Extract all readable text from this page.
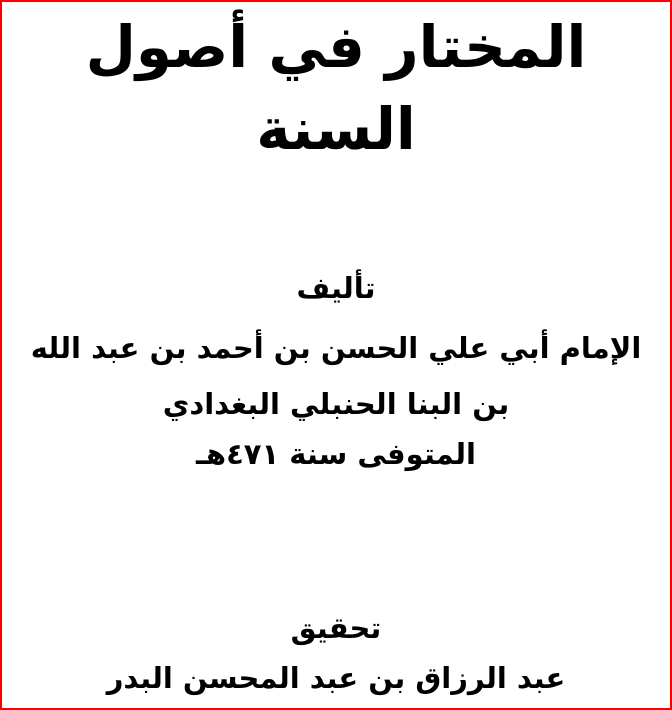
المختار في أصول
السنة
تأليف
الإمام أبي علي الحسن بن أحمد بن عبد الله
بن البنا الحنبلي البغدادي
المتوفى سنة ٤٧١هـ
تحقيق
عبد الرزاق بن عبد المحسن البدر
